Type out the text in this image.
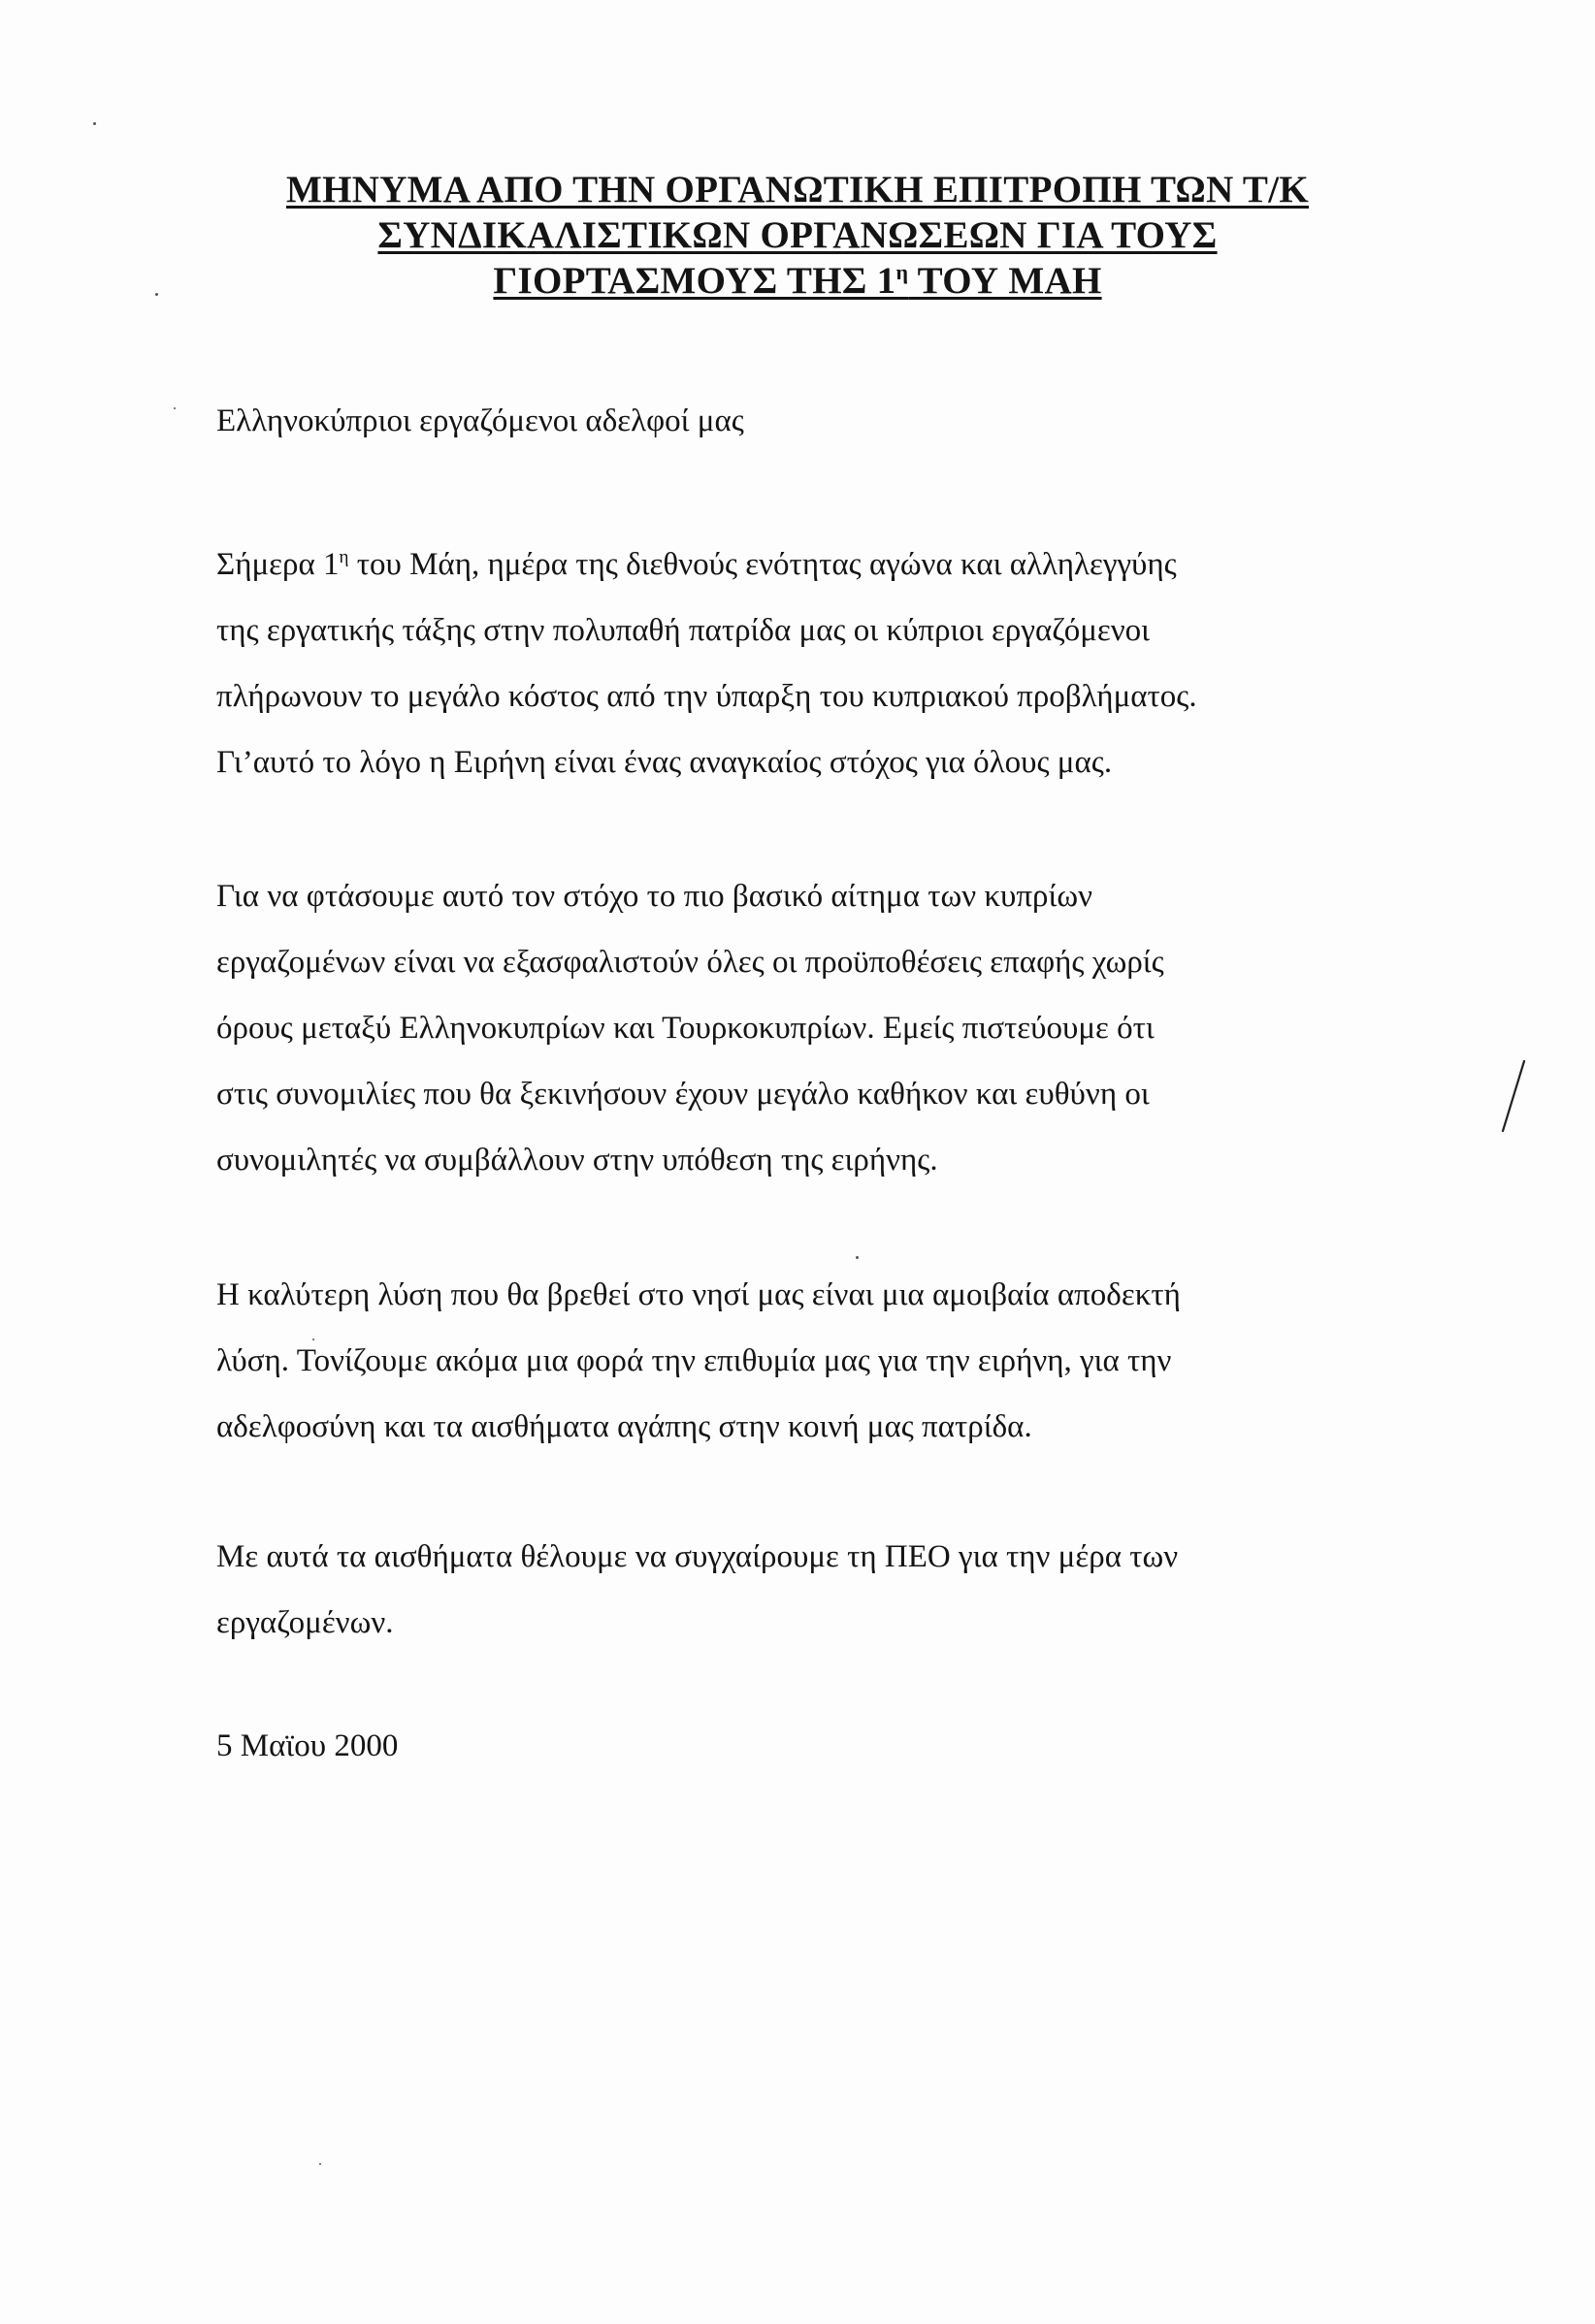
ΜΗΝΥΜΑ ΑΠΟ ΤΗΝ ΟΡΓΑΝΩΤΙΚΗ ΕΠΙΤΡΟΠΗ ΤΩΝ Τ/Κ
ΣΥΝΔΙΚΑΛΙΣΤΙΚΩΝ ΟΡΓΑΝΩΣΕΩΝ ΓΙΑ ΤΟΥΣ
ΓΙΟΡΤΑΣΜΟΥΣ ΤΗΣ $1^\eta$ ΤΟΥ ΜΑΗ
Ελληνοκύπριοι εργαζόμενοι αδελφοί μας
Σήμερα $1^\eta$ του Μάη, ημέρα της διεθνούς ενότητας αγώνα και αλληλεγγύης
της εργατικής τάξης στην πολυπαθή πατρίδα μας οι κύπριοι εργαζόμενοι
πλήρωνουν το μεγάλο κόστος από την ύπαρξη του κυπριακού προβλήματος.
Γι’αυτό το λόγο η Ειρήνη είναι ένας αναγκαίος στόχος για όλους μας.
Για να φτάσουμε αυτό τον στόχο το πιο βασικό αίτημα των κυπρίων
εργαζομένων είναι να εξασφαλιστούν όλες οι προϋποθέσεις επαφής χωρίς
όρους μεταξύ Ελληνοκυπρίων και Τουρκοκυπρίων. Εμείς πιστεύουμε ότι
στις συνομιλίες που θα ξεκινήσουν έχουν μεγάλο καθήκον και ευθύνη οι
συνομιλητές να συμβάλλουν στην υπόθεση της ειρήνης.
Η καλύτερη λύση που θα βρεθεί στο νησί μας είναι μια αμοιβαία αποδεκτή
λύση. Τονίζουμε ακόμα μια φορά την επιθυμία μας για την ειρήνη, για την
αδελφοσύνη και τα αισθήματα αγάπης στην κοινή μας πατρίδα.
Με αυτά τα αισθήματα θέλουμε να συγχαίρουμε τη ΠΕΟ για την μέρα των
εργαζομένων.
5 Μαϊου 2000
